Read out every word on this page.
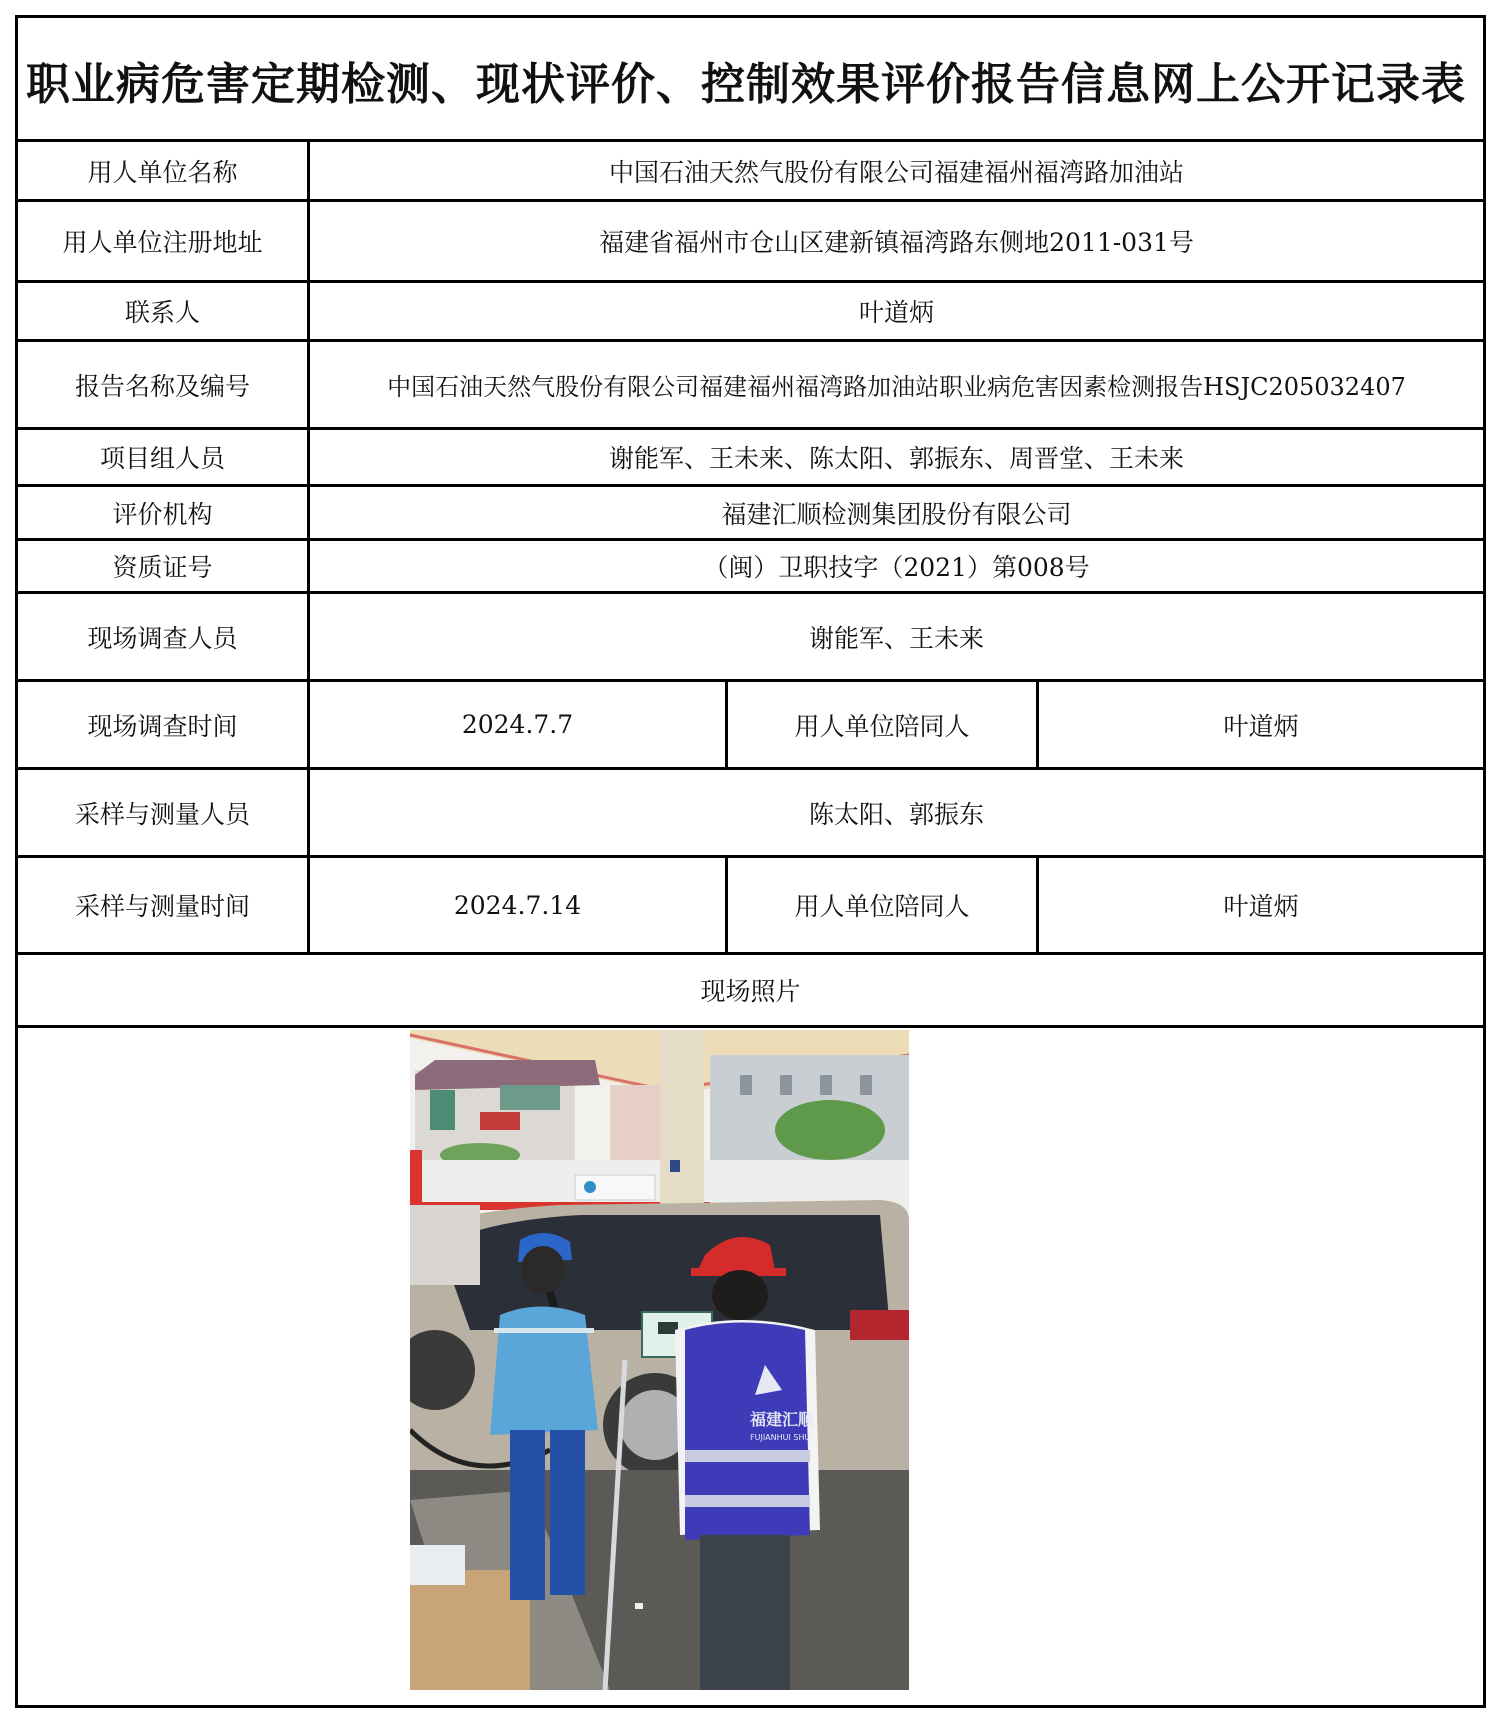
职业病危害定期检测、现状评价、控制效果评价报告信息网上公开记录表
用人单位名称	中国石油天然气股份有限公司福建福州福湾路加油站
用人单位注册地址	福建省福州市仓山区建新镇福湾路东侧地2011-031号
联系人	叶道炳
报告名称及编号	中国石油天然气股份有限公司福建福州福湾路加油站职业病危害因素检测报告HSJC205032407
项目组人员	谢能军、王未来、陈太阳、郭振东、周晋堂、王未来
评价机构	福建汇顺检测集团股份有限公司
资质证号	（闽）卫职技字（2021）第008号
现场调查人员	谢能军、王未来
现场调查时间	2024.7.7	用人单位陪同人	叶道炳
采样与测量人员	陈太阳、郭振东
采样与测量时间	2024.7.14	用人单位陪同人	叶道炳
现场照片
福建汇顺
FUJIANHUI SHUI
